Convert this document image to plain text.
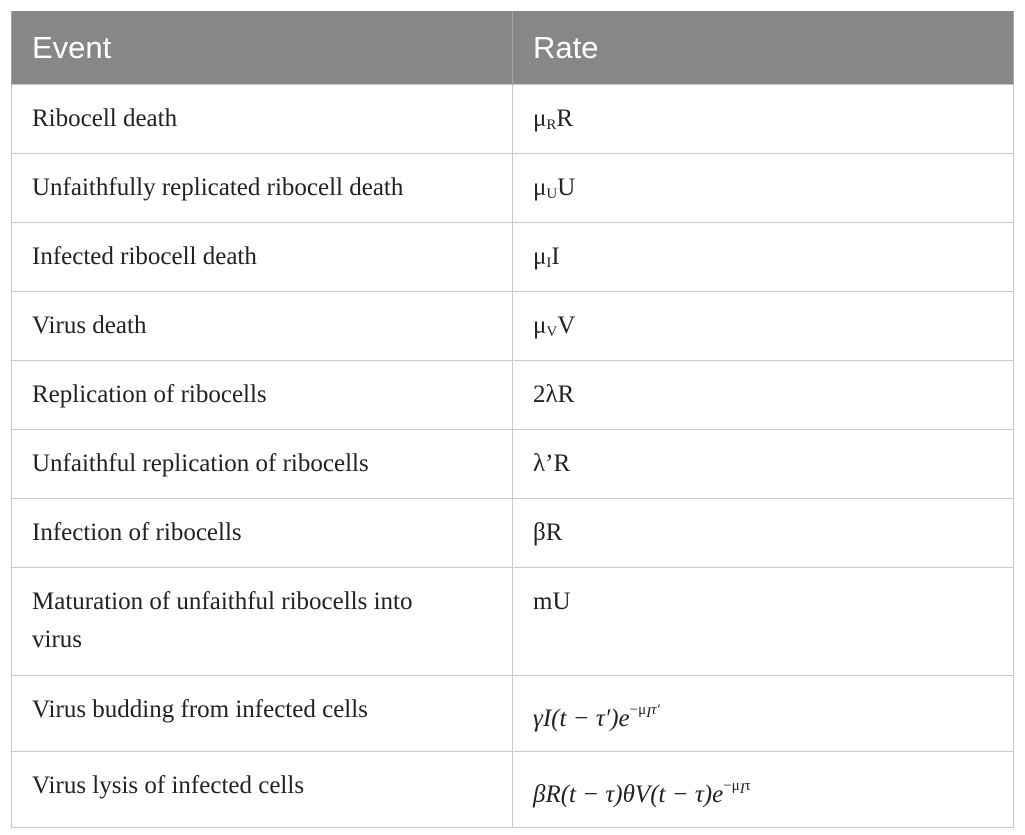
Event	Rate

Ribocell death	$\mu_RR$

Unfaithfully replicated ribocell death	$\mu_UU$

Infected ribocell death	$\mu_II$

Virus death	$\mu_VV$

Replication of ribocells	2λR

Unfaithful replication of ribocells	λ’R

Infection of ribocells	βR

Maturation of unfaithful ribocells into virus	mU

Virus budding from infected cells	$\gamma I(t - \tau')e^{-\mu I\tau'}$

Virus lysis of infected cells	$\beta R(t - \tau)\theta V(t - \tau)e^{-\mu I\tau}$
